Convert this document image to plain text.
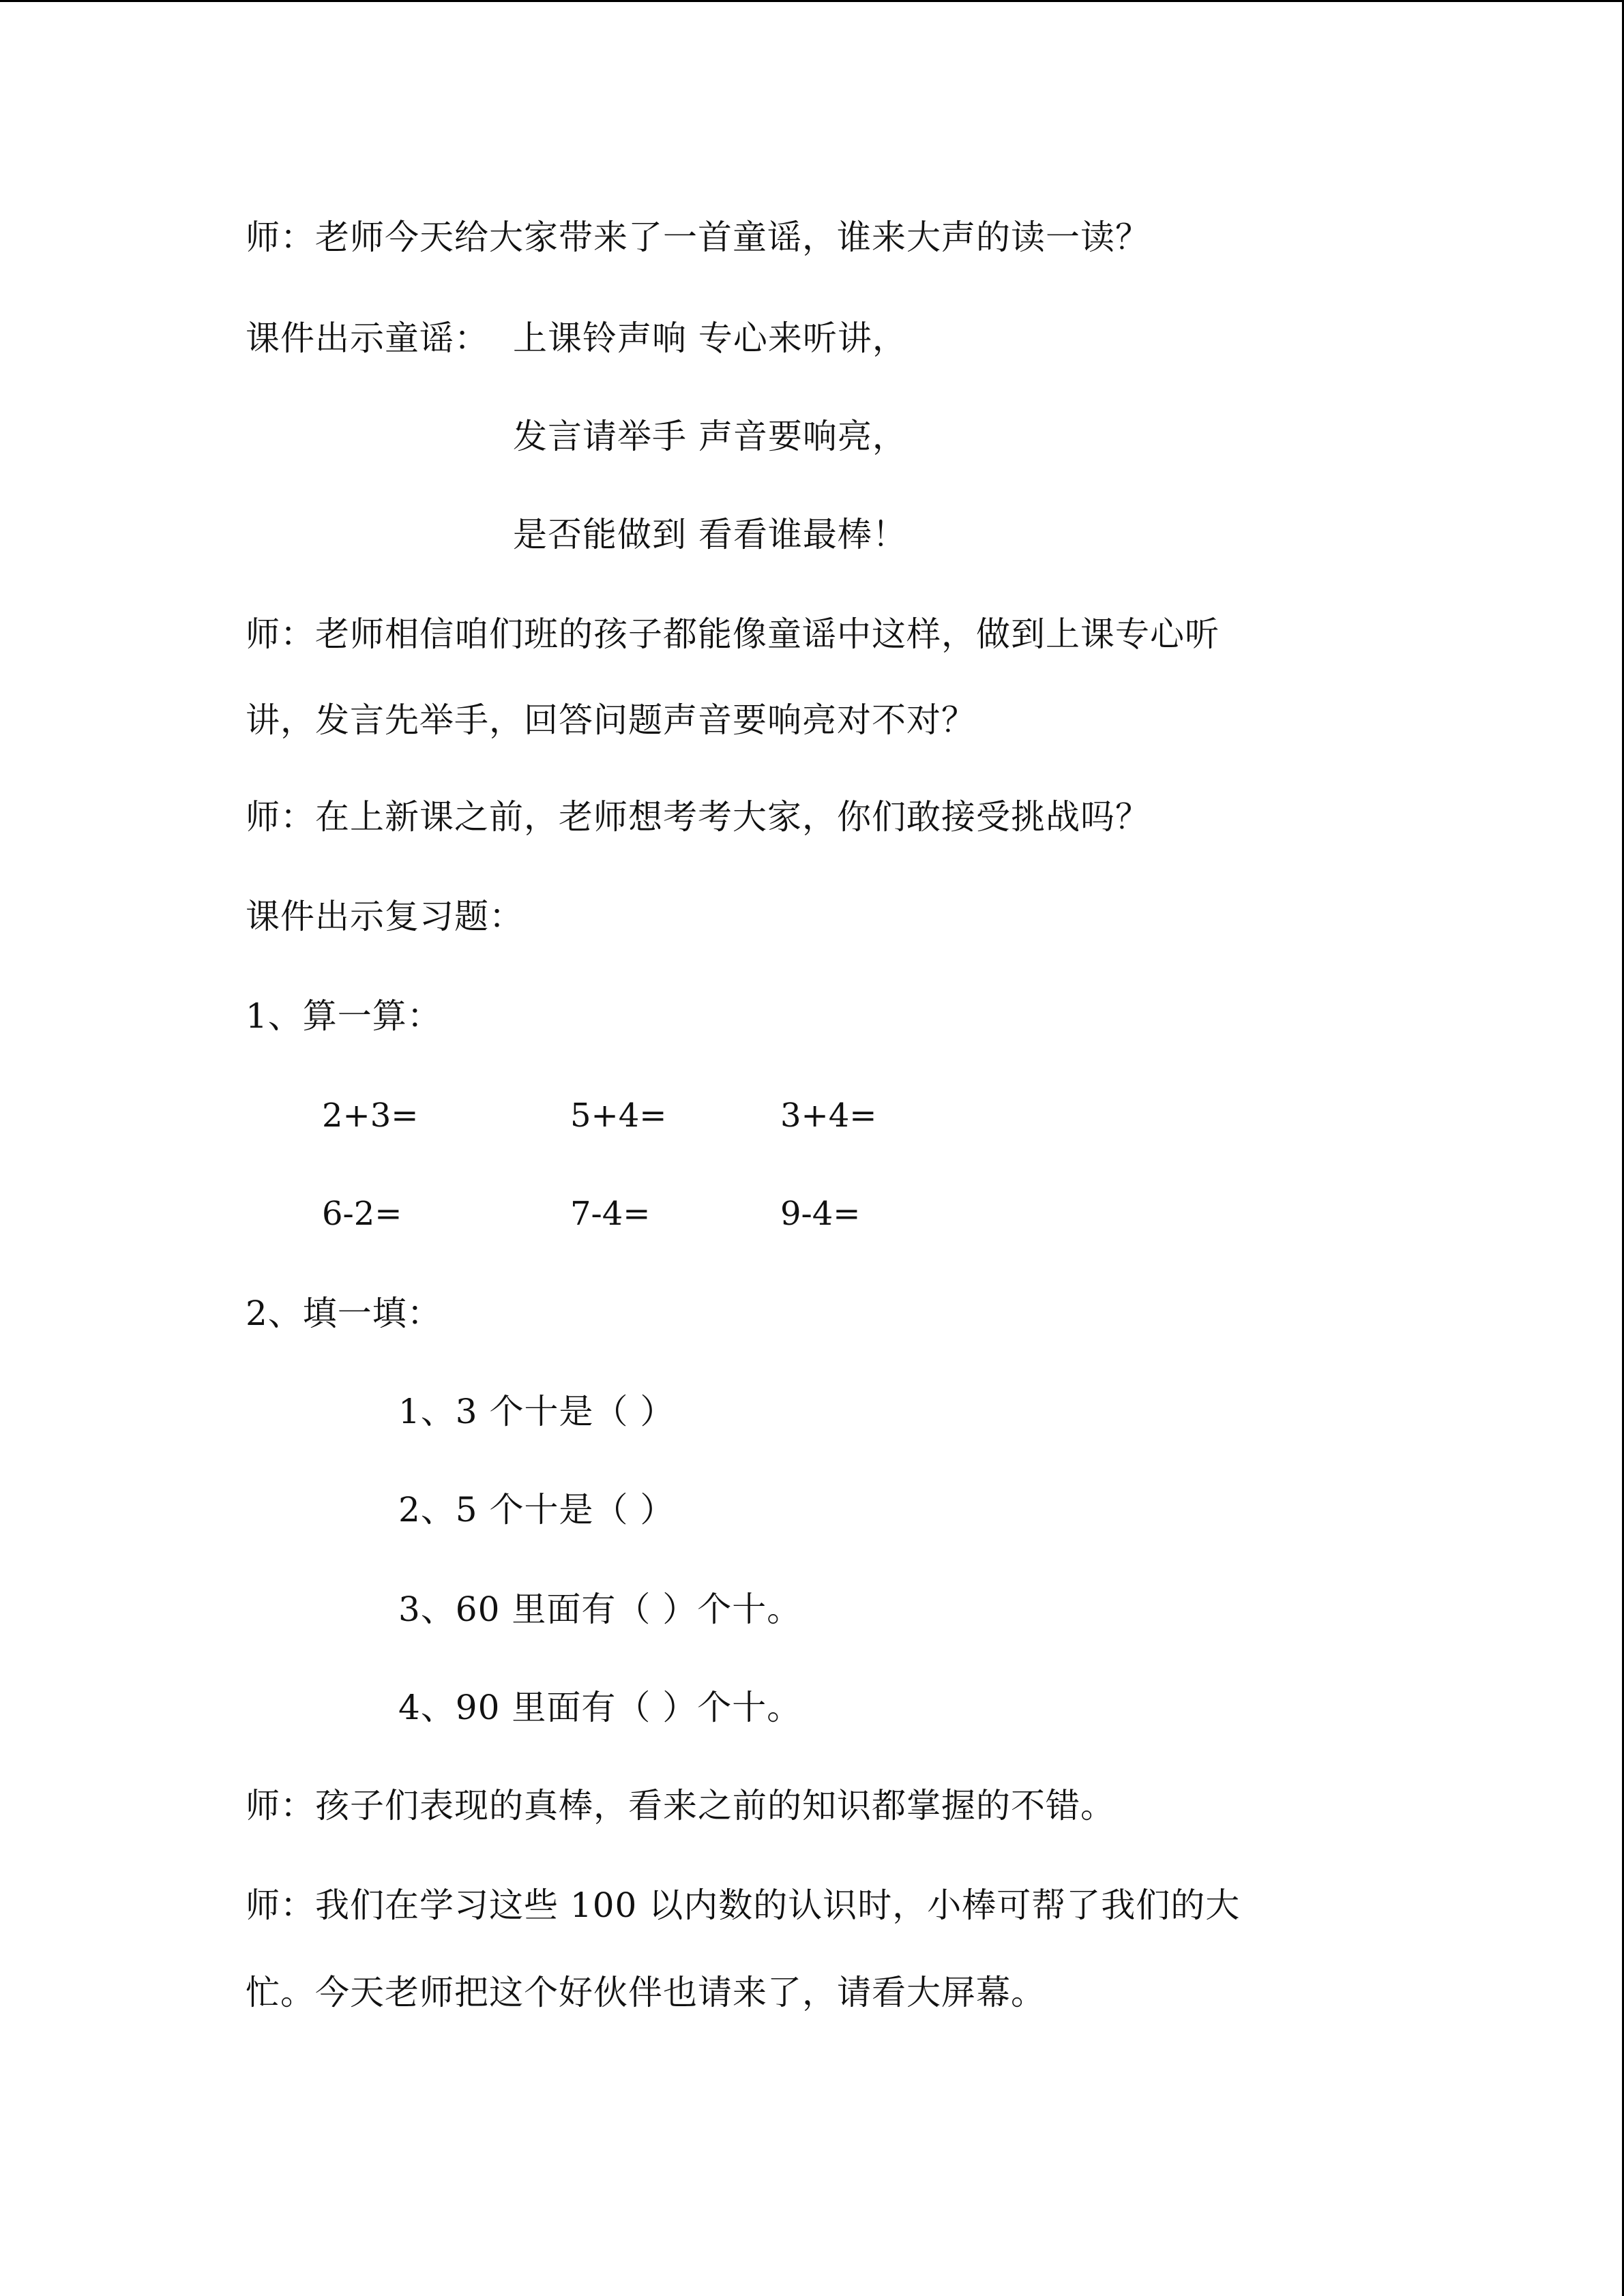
师：老师今天给大家带来了一首童谣，谁来大声的读一读？
课件出示童谣： 上课铃声响 专心来听讲，
发言请举手 声音要响亮，
是否能做到 看看谁最棒！
师：老师相信咱们班的孩子都能像童谣中这样，做到上课专心听
讲，发言先举手，回答问题声音要响亮对不对？
师：在上新课之前，老师想考考大家，你们敢接受挑战吗？
课件出示复习题：
1、算一算：
2+3=	5+4=	3+4=
6-2=	7-4=	9-4=
2、填一填：
1、3 个十是（ ）
2、5 个十是（ ）
3、60 里面有（ ）个十。
4、90 里面有（ ）个十。
师：孩子们表现的真棒，看来之前的知识都掌握的不错。
师：我们在学习这些 100 以内数的认识时，小棒可帮了我们的大
忙。今天老师把这个好伙伴也请来了，请看大屏幕。
